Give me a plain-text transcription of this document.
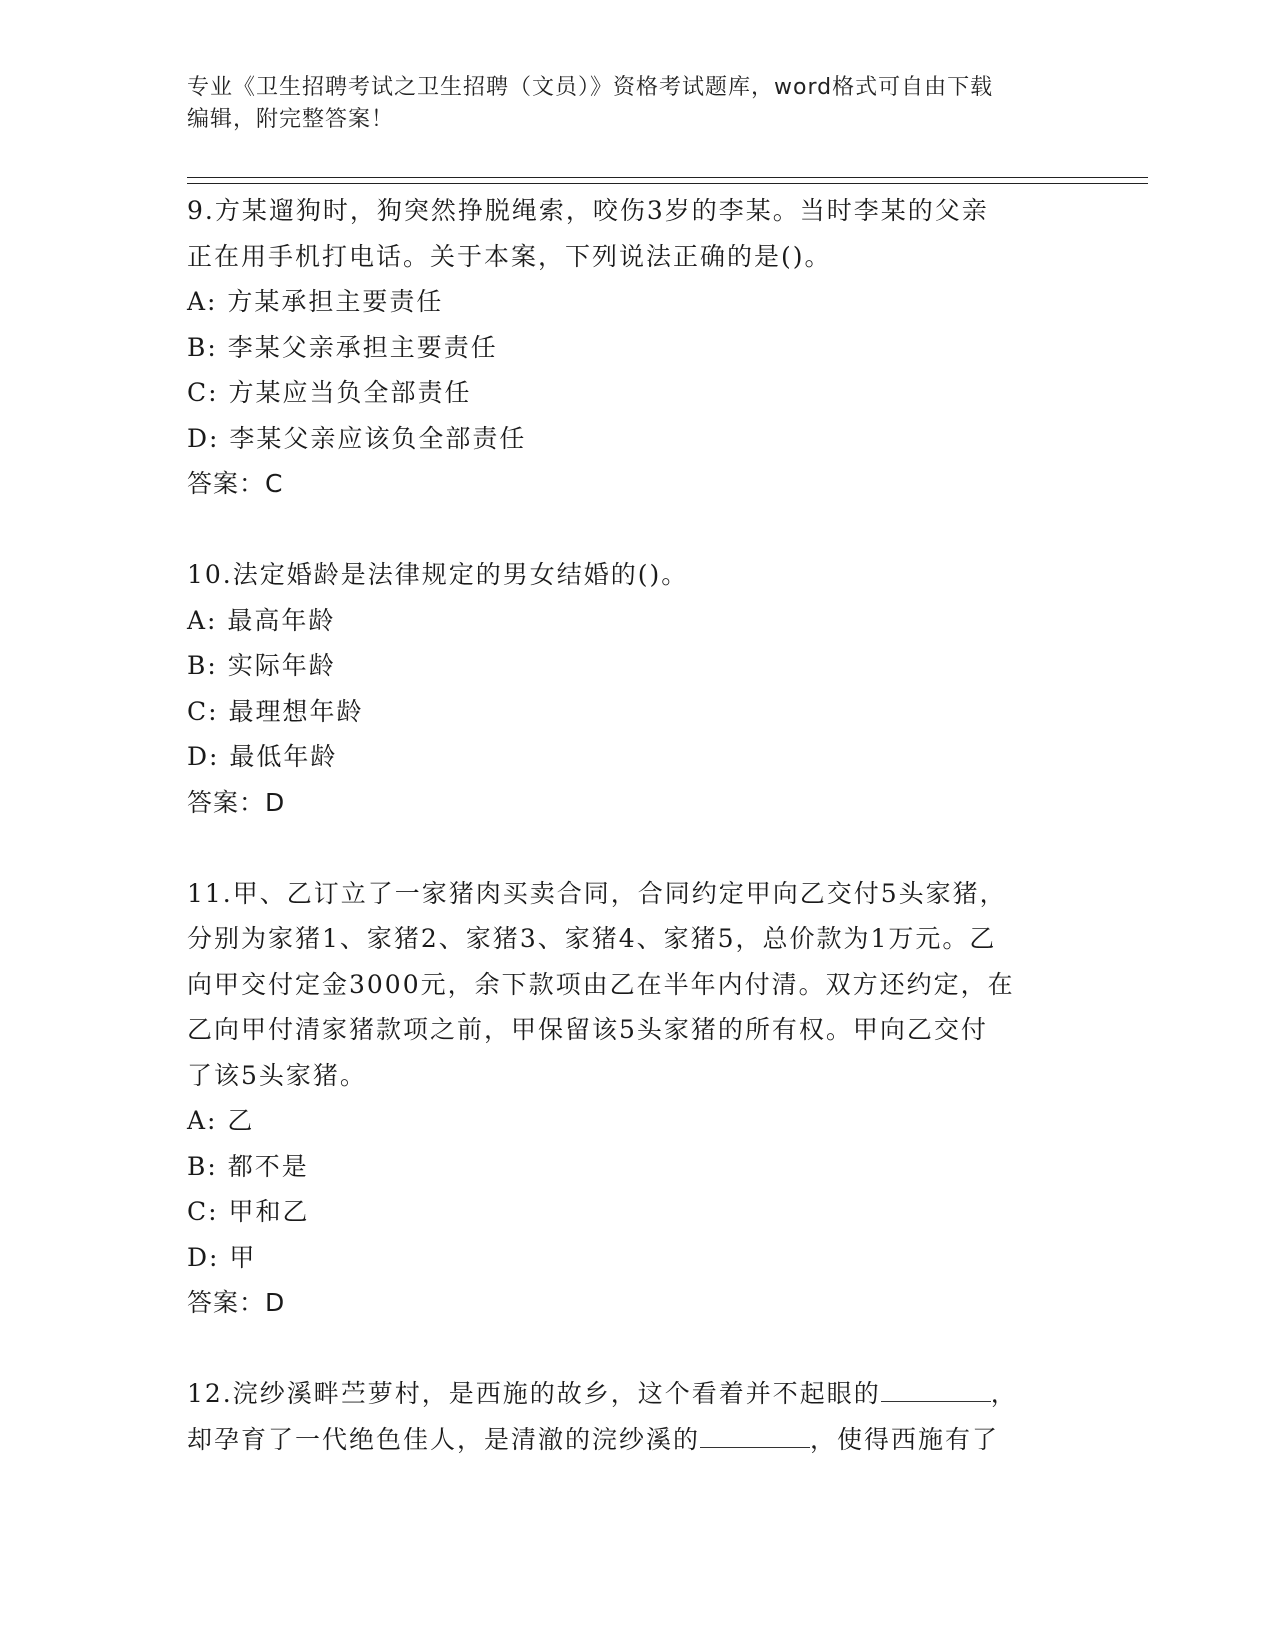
专业《卫生招聘考试之卫生招聘（文员）》资格考试题库，word格式可自由下载
编辑，附完整答案！
9.方某遛狗时，狗突然挣脱绳索，咬伤3岁的李某。当时李某的父亲
正在用手机打电话。关于本案，下列说法正确的是()。
A: 方某承担主要责任
B: 李某父亲承担主要责任
C: 方某应当负全部责任
D: 李某父亲应该负全部责任
答案：C
10.法定婚龄是法律规定的男女结婚的()。
A: 最高年龄
B: 实际年龄
C: 最理想年龄
D: 最低年龄
答案：D
11.甲、乙订立了一家猪肉买卖合同，合同约定甲向乙交付5头家猪，
分别为家猪1、家猪2、家猪3、家猪4、家猪5，总价款为1万元。乙
向甲交付定金3000元，余下款项由乙在半年内付清。双方还约定，在
乙向甲付清家猪款项之前，甲保留该5头家猪的所有权。甲向乙交付
了该5头家猪。
A: 乙
B: 都不是
C: 甲和乙
D: 甲
答案：D
12.浣纱溪畔苎萝村，是西施的故乡，这个看着并不起眼的	，
却孕育了一代绝色佳人，是清澈的浣纱溪的	，使得西施有了
